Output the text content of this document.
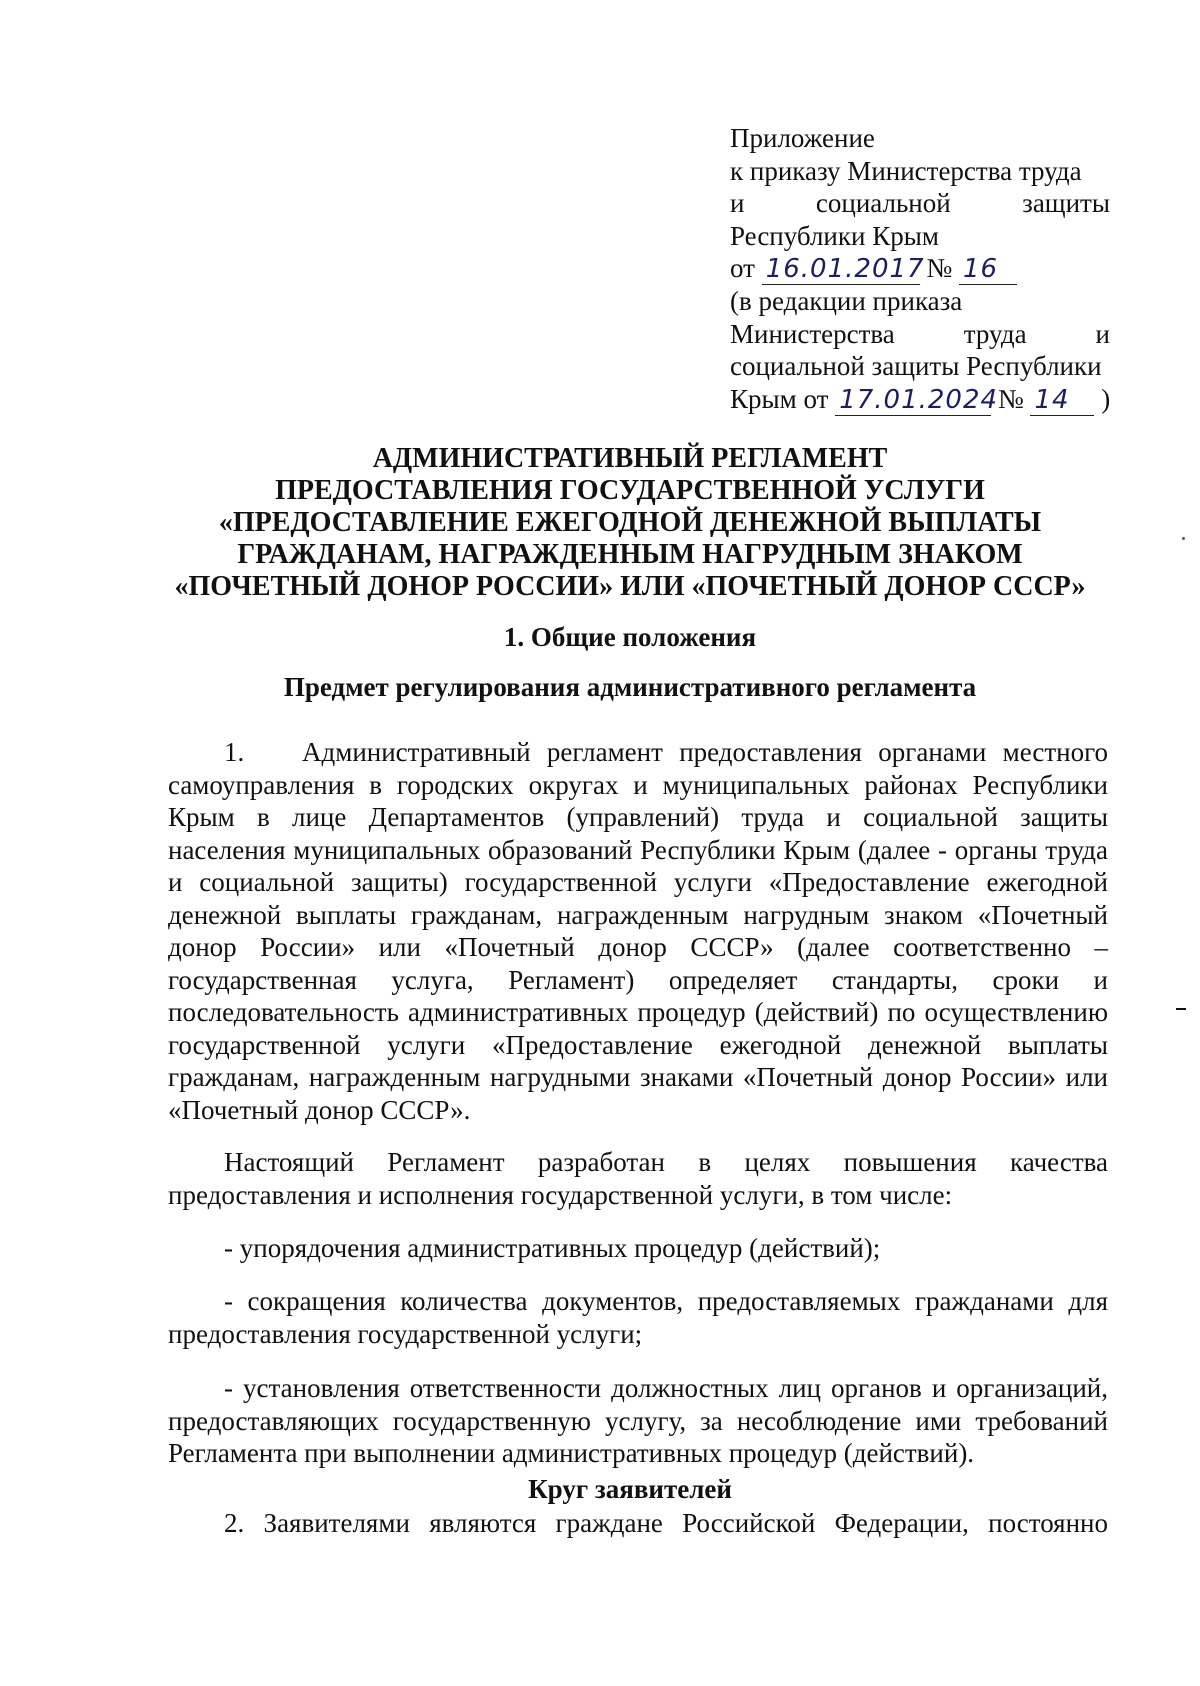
Приложение
к приказу Министерства труда
и	социальной	защиты
Республики Крым
от 16.01.2017 № 16
(в редакции приказа
Министерства	труда	и
социальной защиты Республики
Крым от 17.01.2024 № 14 )
АДМИНИСТРАТИВНЫЙ РЕГЛАМЕНТ
ПРЕДОСТАВЛЕНИЯ ГОСУДАРСТВЕННОЙ УСЛУГИ
«ПРЕДОСТАВЛЕНИЕ ЕЖЕГОДНОЙ ДЕНЕЖНОЙ ВЫПЛАТЫ
ГРАЖДАНАМ, НАГРАЖДЕННЫМ НАГРУДНЫМ ЗНАКОМ
«ПОЧЕТНЫЙ ДОНОР РОССИИ» ИЛИ «ПОЧЕТНЫЙ ДОНОР СССР»
1. Общие положения
Предмет регулирования административного регламента
1. Административный регламент предоставления органами местного самоуправления в городских округах и муниципальных районах Республики Крым в лице Департаментов (управлений) труда и социальной защиты населения муниципальных образований Республики Крым (далее - органы труда и социальной защиты) государственной услуги «Предоставление ежегодной денежной выплаты гражданам, награжденным нагрудным знаком «Почетный донор России» или «Почетный донор СССР» (далее соответственно – государственная услуга, Регламент) определяет стандарты, сроки и последовательность административных процедур (действий) по осуществлению государственной услуги «Предоставление ежегодной денежной выплаты гражданам, награжденным нагрудными знаками «Почетный донор России» или «Почетный донор СССР».
Настоящий Регламент разработан в целях повышения качества предоставления и исполнения государственной услуги, в том числе:
- упорядочения административных процедур (действий);
- сокращения количества документов, предоставляемых гражданами для предоставления государственной услуги;
- установления ответственности должностных лиц органов и организаций, предоставляющих государственную услугу, за несоблюдение ими требований Регламента при выполнении административных процедур (действий).
Круг заявителей
2. Заявителями являются граждане Российской Федерации, постоянно
